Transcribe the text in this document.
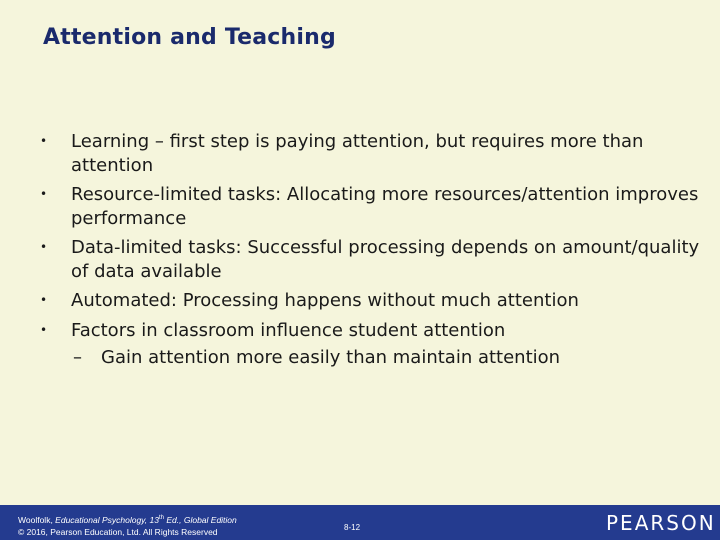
Attention and Teaching
• Learning – first step is paying attention, but requires more than attention
• Resource-limited tasks: Allocating more resources/attention improves performance
• Data-limited tasks: Successful processing depends on amount/quality of data available
• Automated: Processing happens without much attention
• Factors in classroom influence student attention
– Gain attention more easily than maintain attention
Woolfolk, Educational Psychology, 13th Ed., Global Edition
© 2016, Pearson Education, Ltd. All Rights Reserved	8-12	PEARSON
